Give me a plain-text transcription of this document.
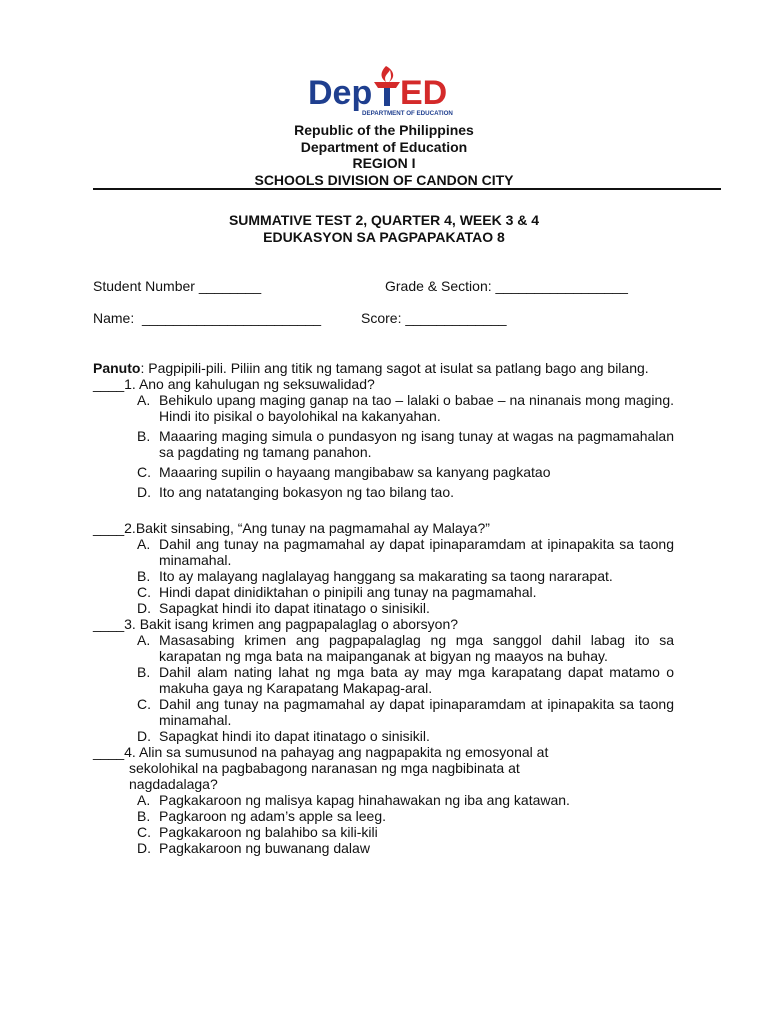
Dep ED
DEPARTMENT OF EDUCATION
Republic of the Philippines
Department of Education
REGION I
SCHOOLS DIVISION OF CANDON CITY
SUMMATIVE TEST 2, QUARTER 4, WEEK 3 & 4
EDUKASYON SA PAGPAPAKATAO 8
Student Number ________	Grade & Section: _________________
Name:  _______________________	Score: _____________

Panuto: Pagpipili-pili. Piliin ang titik ng tamang sagot at isulat sa patlang bago ang bilang.

____1. Ano ang kahulugan ng seksuwalidad?

A. Behikulo upang maging ganap na tao – lalaki o babae – na ninanais mong maging. Hindi ito pisikal o bayolohikal na kakanyahan.
B. Maaaring maging simula o pundasyon ng isang tunay at wagas na pagmamahalan sa pagdating ng tamang panahon.
C. Maaaring supilin o hayaang mangibabaw sa kanyang pagkatao
D. Ito ang natatanging bokasyon ng tao bilang tao.

____2.Bakit sinsabing, “Ang tunay na pagmamahal ay Malaya?”

A. Dahil ang tunay na pagmamahal ay dapat ipinaparamdam at ipinapakita sa taong minamahal.
B. Ito ay malayang naglalayag hanggang sa makarating sa taong nararapat.
C. Hindi dapat dinidiktahan o pinipili ang tunay na pagmamahal.
D. Sapagkat hindi ito dapat itinatago o sinisikil.

____3. Bakit isang krimen ang pagpapalaglag o aborsyon?

A. Masasabing krimen ang pagpapalaglag ng mga sanggol dahil labag ito sa karapatan ng mga bata na maipanganak at bigyan ng maayos na buhay.
B. Dahil alam nating lahat ng mga bata ay may mga karapatang dapat matamo o makuha gaya ng Karapatang Makapag-aral.
C. Dahil ang tunay na pagmamahal ay dapat ipinaparamdam at ipinapakita sa taong minamahal.
D. Sapagkat hindi ito dapat itinatago o sinisikil.

____4. Alin sa sumusunod na pahayag ang nagpapakita ng emosyonal at

sekolohikal na pagbabagong naranasan ng mga nagbibinata at

nagdadalaga?

A. Pagkakaroon ng malisya kapag hinahawakan ng iba ang katawan.
B. Pagkaroon ng adam’s apple sa leeg.
C. Pagkakaroon ng balahibo sa kili-kili
D. Pagkakaroon ng buwanang dalaw
